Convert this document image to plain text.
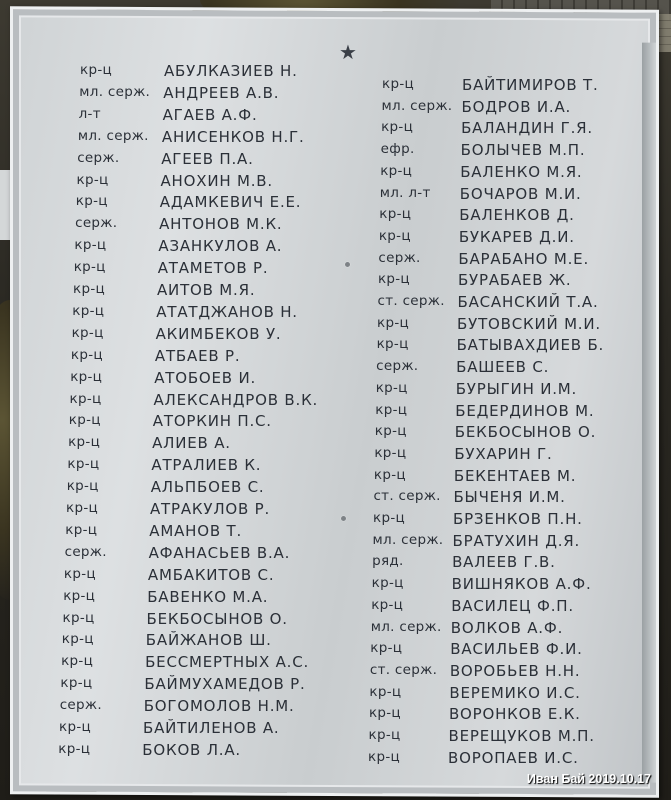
★
кр-ц	АБУЛКАЗИЕВ Н.
мл. серж. АНДРЕЕВ А.В.
л-т	АГАЕВ А.Ф.
мл. серж. АНИСЕНКОВ Н.Г.
серж.	АГЕЕВ П.А.
кр-ц	АНОХИН М.В.
кр-ц	АДАМКЕВИЧ Е.Е.
серж.	АНТОНОВ М.К.
кр-ц	АЗАНКУЛОВ А.
кр-ц	АТАМЕТОВ Р.
кр-ц	АИТОВ М.Я.
кр-ц	АТАТДЖАНОВ Н.
кр-ц	АКИМБЕКОВ У.
кр-ц	АТБАЕВ Р.
кр-ц	АТОБОЕВ И.
кр-ц	АЛЕКСАНДРОВ В.К.
кр-ц	АТОРКИН П.С.
кр-ц	АЛИЕВ А.
кр-ц	АТРАЛИЕВ К.
кр-ц	АЛЬПБОЕВ С.
кр-ц	АТРАКУЛОВ Р.
кр-ц	АМАНОВ Т.
серж.	АФАНАСЬЕВ В.А.
кр-ц	АМБАКИТОВ С.
кр-ц	БАВЕНКО М.А.
кр-ц	БЕКБОСЫНОВ О.
кр-ц	БАЙЖАНОВ Ш.
кр-ц	БЕССМЕРТНЫХ А.С.
кр-ц	БАЙМУХАМЕДОВ Р.
серж.	БОГОМОЛОВ Н.М.
кр-ц	БАЙТИЛЕНОВ А.
кр-ц	БОКОВ Л.А.
кр-ц	БАЙТИМИРОВ Т.
мл. серж. БОДРОВ И.А.
кр-ц	БАЛАНДИН Г.Я.
ефр.	БОЛЫЧЕВ М.П.
кр-ц	БАЛЕНКО М.Я.
мл. л-т БОЧАРОВ М.И.
кр-ц	БАЛЕНКОВ Д.
кр-ц	БУКАРЕВ Д.И.
серж.	БАРАБАНО М.Е.
кр-ц	БУРАБАЕВ Ж.
ст. серж. БАСАНСКИЙ Т.А.
кр-ц	БУТОВСКИЙ М.И.
кр-ц	БАТЫВАХДИЕВ Б.
серж.	БАШЕЕВ С.
кр-ц	БУРЫГИН И.М.
кр-ц	БЕДЕРДИНОВ М.
кр-ц	БЕКБОСЫНОВ О.
кр-ц	БУХАРИН Г.
кр-ц	БЕКЕНТАЕВ М.
ст. серж. БЫЧЕНЯ И.М.
кр-ц	БРЗЕНКОВ П.Н.
мл. серж. БРАТУХИН Д.Я.
ряд.	ВАЛЕЕВ Г.В.
кр-ц	ВИШНЯКОВ А.Ф.
кр-ц	ВАСИЛЕЦ Ф.П.
мл. серж. ВОЛКОВ А.Ф.
кр-ц	ВАСИЛЬЕВ Ф.И.
ст. серж. ВОРОБЬЕВ Н.Н.
кр-ц	ВЕРЕМИКО И.С.
кр-ц	ВОРОНКОВ Е.К.
кр-ц	ВЕРЕЩУКОВ М.П.
кр-ц	ВОРОПАЕВ И.С.
Иван Бай 2019.10.17
